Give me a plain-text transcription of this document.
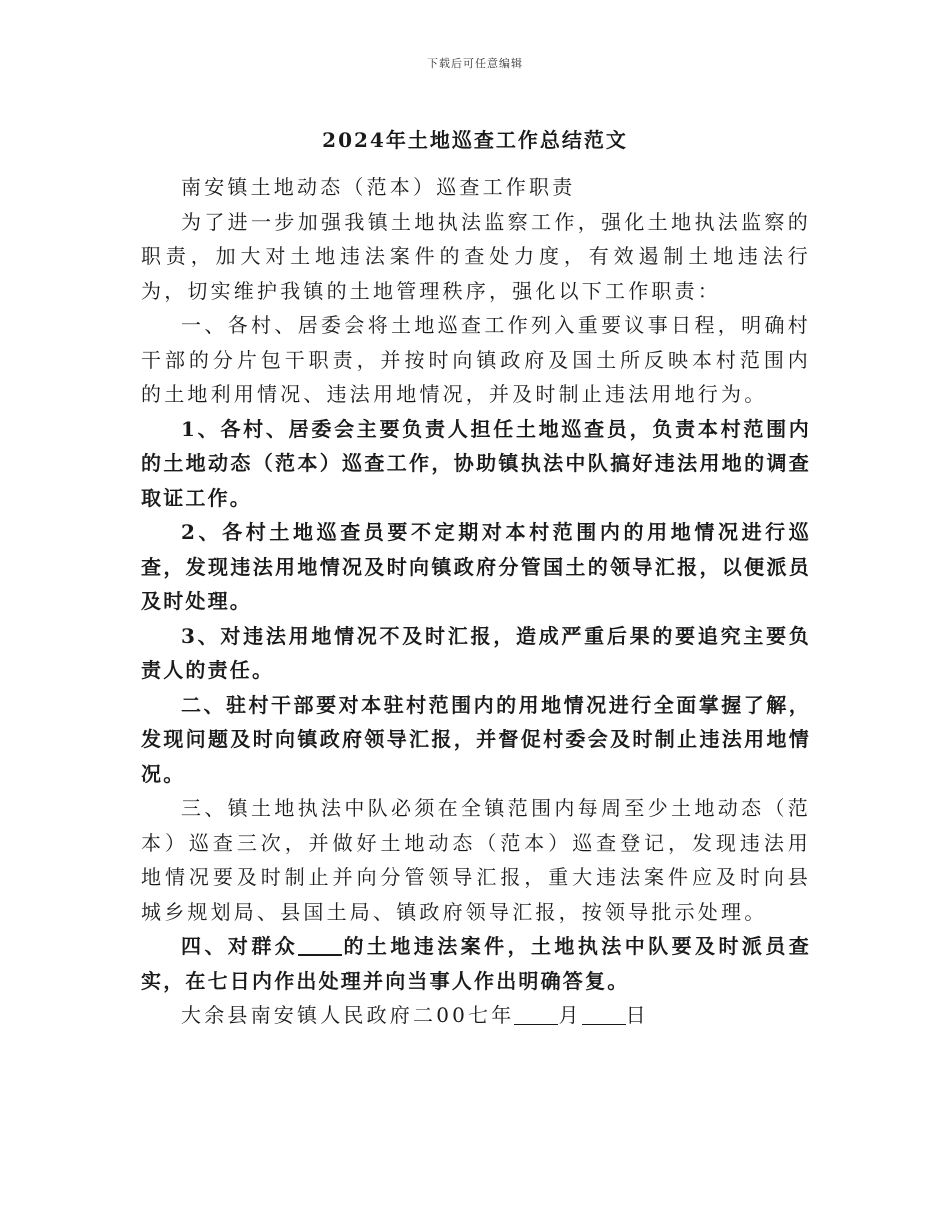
下载后可任意编辑
2024年土地巡查工作总结范文

南安镇土地动态（范本）巡查工作职责

为了进一步加强我镇土地执法监察工作，强化土地执法监察的职责，加大对土地违法案件的查处力度，有效遏制土地违法行为，切实维护我镇的土地管理秩序，强化以下工作职责：

一、各村、居委会将土地巡查工作列入重要议事日程，明确村干部的分片包干职责，并按时向镇政府及国土所反映本村范围内的土地利用情况、违法用地情况，并及时制止违法用地行为。

1、各村、居委会主要负责人担任土地巡查员，负责本村范围内的土地动态（范本）巡查工作，协助镇执法中队搞好违法用地的调查取证工作。

2、各村土地巡查员要不定期对本村范围内的用地情况进行巡查，发现违法用地情况及时向镇政府分管国土的领导汇报，以便派员及时处理。

3、对违法用地情况不及时汇报，造成严重后果的要追究主要负责人的责任。

二、驻村干部要对本驻村范围内的用地情况进行全面掌握了解，发现问题及时向镇政府领导汇报，并督促村委会及时制止违法用地情况。

三、镇土地执法中队必须在全镇范围内每周至少土地动态（范本）巡查三次，并做好土地动态（范本）巡查登记，发现违法用地情况要及时制止并向分管领导汇报，重大违法案件应及时向县城乡规划局、县国土局、镇政府领导汇报，按领导批示处理。

四、对群众 的土地违法案件，土地执法中队要及时派员查实，在七日内作出处理并向当事人作出明确答复。

大余县南安镇人民政府二00七年 月 日
